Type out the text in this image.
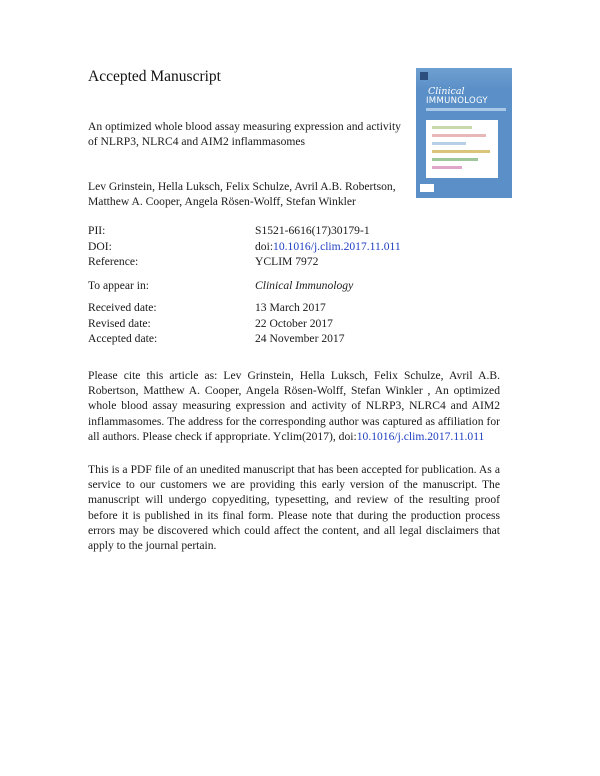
Accepted Manuscript
An optimized whole blood assay measuring expression and activity of NLRP3, NLRC4 and AIM2 inflammasomes
Clinical
IMMUNOLOGY
Lev Grinstein, Hella Luksch, Felix Schulze, Avril A.B. Robertson,
Matthew A. Cooper, Angela Rösen-Wolff, Stefan Winkler
PII:	S1521-6616(17)30179-1
DOI:	doi:10.1016/j.clim.2017.11.011
Reference:	YCLIM 7972
To appear in:	Clinical Immunology
Received date:	13 March 2017
Revised date:	22 October 2017
Accepted date:	24 November 2017
Please cite this article as: Lev Grinstein, Hella Luksch, Felix Schulze, Avril A.B. Robertson, Matthew A. Cooper, Angela Rösen-Wolff, Stefan Winkler , An optimized whole blood assay measuring expression and activity of NLRP3, NLRC4 and AIM2 inflammasomes. The address for the corresponding author was captured as affiliation for all authors. Please check if appropriate. Yclim(2017), doi:10.1016/j.clim.2017.11.011
This is a PDF file of an unedited manuscript that has been accepted for publication. As a service to our customers we are providing this early version of the manuscript. The manuscript will undergo copyediting, typesetting, and review of the resulting proof before it is published in its final form. Please note that during the production process errors may be discovered which could affect the content, and all legal disclaimers that apply to the journal pertain.
